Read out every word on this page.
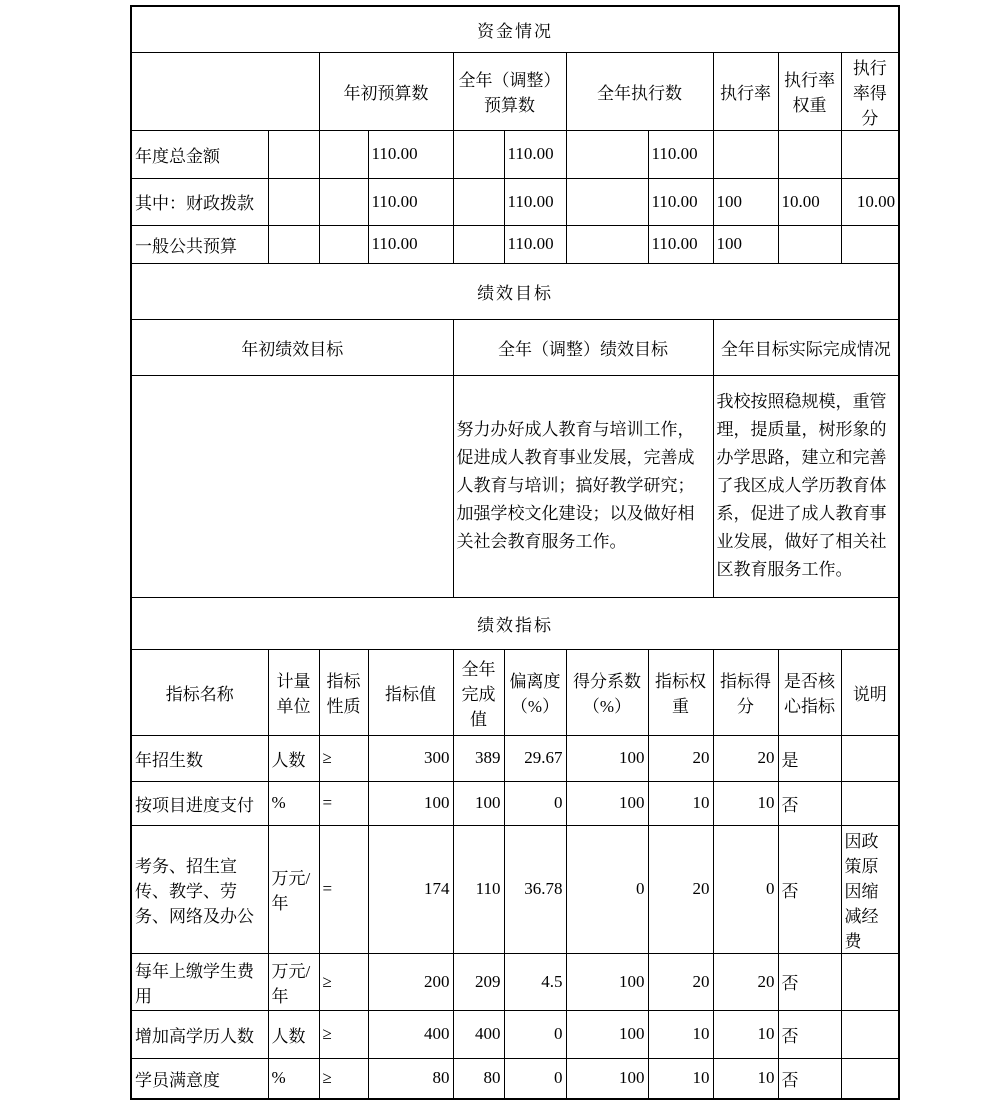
资金情况										
		年初预算数		全年（调整）预算数		全年执行数		执行率	执行率权重	执行率得分
年度总金额			110.00		110.00		110.00			
其中：财政拨款			110.00		110.00		110.00	100	10.00	10.00
一般公共预算			110.00		110.00		110.00	100		
绩效目标										
年初绩效目标				全年（调整）绩效目标				全年目标实际完成情况		
				努力办好成人教育与培训工作，促进成人教育事业发展，完善成人教育与培训；搞好教学研究；加强学校文化建设；以及做好相关社会教育服务工作。				我校按照稳规模，重管理，提质量，树形象的办学思路，建立和完善了我区成人学历教育体系，促进了成人教育事业发展，做好了相关社区教育服务工作。		
绩效指标										
指标名称	计量单位	指标性质	指标值	全年完成值	偏离度（%）	得分系数（%）	指标权重	指标得分	是否核心指标	说明
年招生数	人数	≥	300	389	29.67	100	20	20	是	
按项目进度支付	%	=	100	100	0	100	10	10	否	
考务、招生宣传、教学、劳务、网络及办公	万元/年	=	174	110	36.78	0	20	0	否	因政策原因缩减经费
每年上缴学生费用	万元/年	≥	200	209	4.5	100	20	20	否	
增加高学历人数	人数	≥	400	400	0	100	10	10	否	
学员满意度	%	≥	80	80	0	100	10	10	否	
